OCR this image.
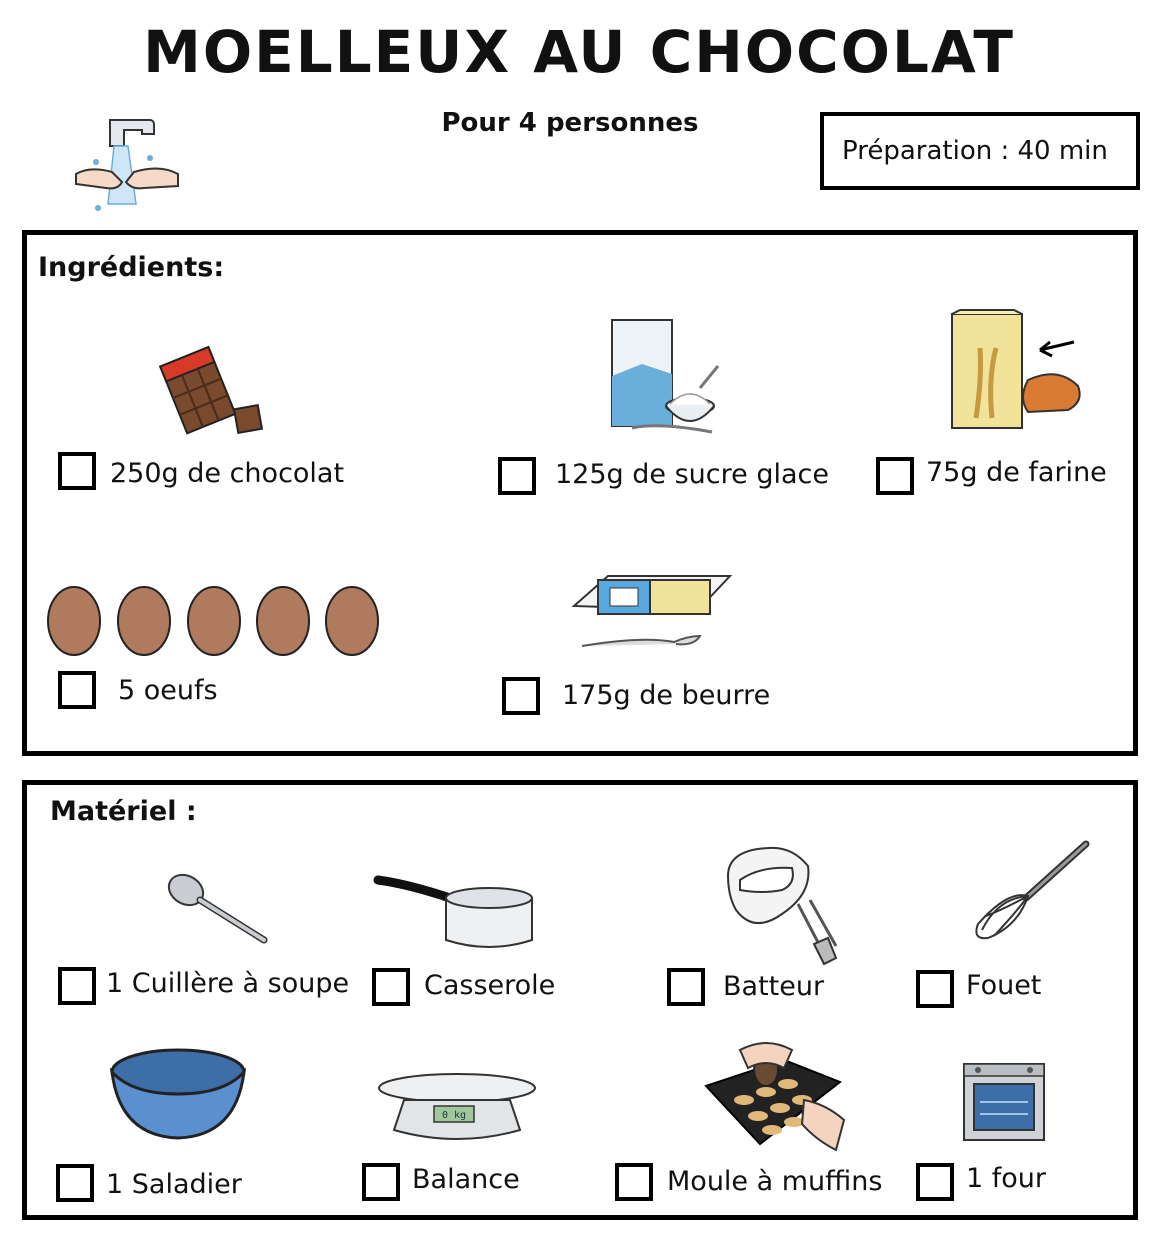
MOELLEUX AU CHOCOLAT
Pour 4 personnes
Préparation : 40 min
Ingrédients:
250g de chocolat	125g de sucre glace	75g de farine
5 oeufs	175g de beurre
Matériel :
0 kg
1 Cuillère à soupe	Casserole	Batteur	Fouet
1 Saladier	Balance	Moule à muffins	1 four
